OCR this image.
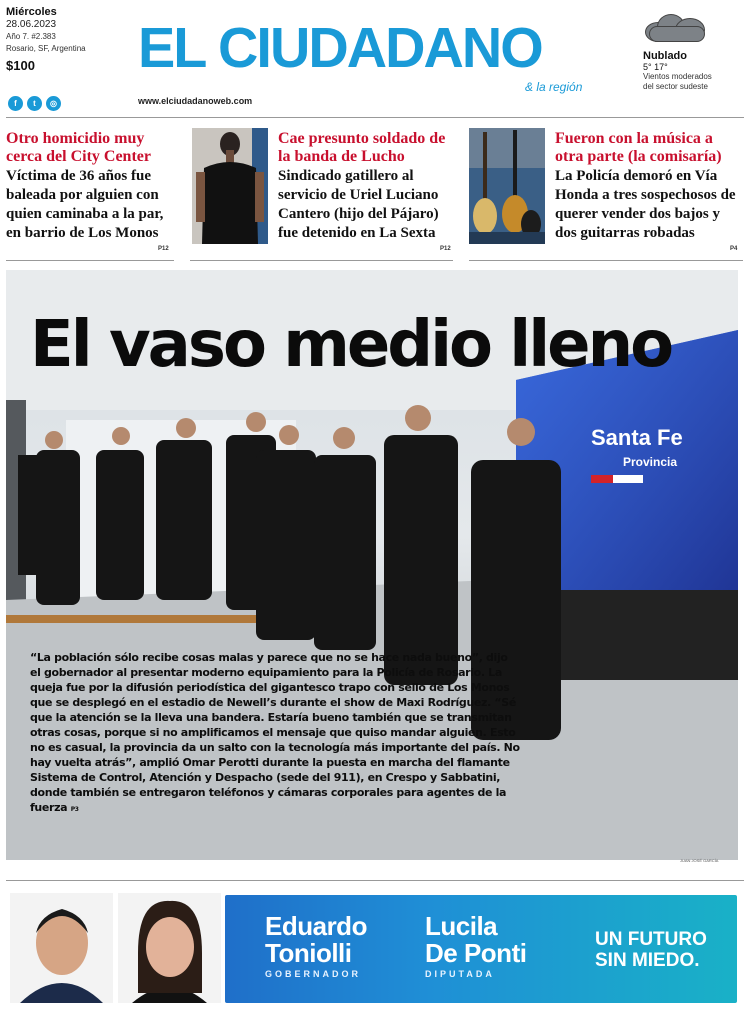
Miércoles
28.06.2023
Año 7. #2.383
Rosario, SF, Argentina
$100	EL CIUDADANO
& la región
f	t	◎	www.elciudadanoweb.com
Nublado
5° 17°
Vientos moderados
del sector sudeste
Otro homicidio muy cerca del City Center
Víctima de 36 años fue baleada por alguien con quien caminaba a la par, en barrio de Los Monos
P12
Cae presunto soldado de la banda de Lucho
Sindicado gatillero al servicio de Uriel Luciano Cantero (hijo del Pájaro) fue detenido en La Sexta
P12
Fueron con la música a otra parte (la comisaría)
La Policía demoró en Vía Honda a tres sospechosos de querer vender dos bajos y dos guitarras robadas
P4
Santa Fe
Provincia
JUAN JOSÉ GARCÍA
El vaso medio lleno
“La población sólo recibe cosas malas y parece que no se hace nada bueno”, dijo el gobernador al presentar moderno equipamiento para la Policía de Rosario. La queja fue por la difusión periodística del gigantesco trapo con sello de Los Monos que se desplegó en el estadio de Newell’s durante el show de Maxi Rodríguez. “Sé que la atención se la lleva una bandera. Estaría bueno también que se transmitan otras cosas, porque si no amplificamos el mensaje que quiso mandar alguien. Esto no es casual, la provincia da un salto con la tecnología más importante del país. No hay vuelta atrás”, amplió Omar Perotti durante la puesta en marcha del flamante Sistema de Control, Atención y Despacho (sede del 911), en Crespo y Sabbatini, donde también se entregaron teléfonos y cámaras corporales para agentes de la fuerza P3
Eduardo
Toniolli
GOBERNADOR
Lucila
De Ponti
DIPUTADA
UN FUTURO
SIN MIEDO.
